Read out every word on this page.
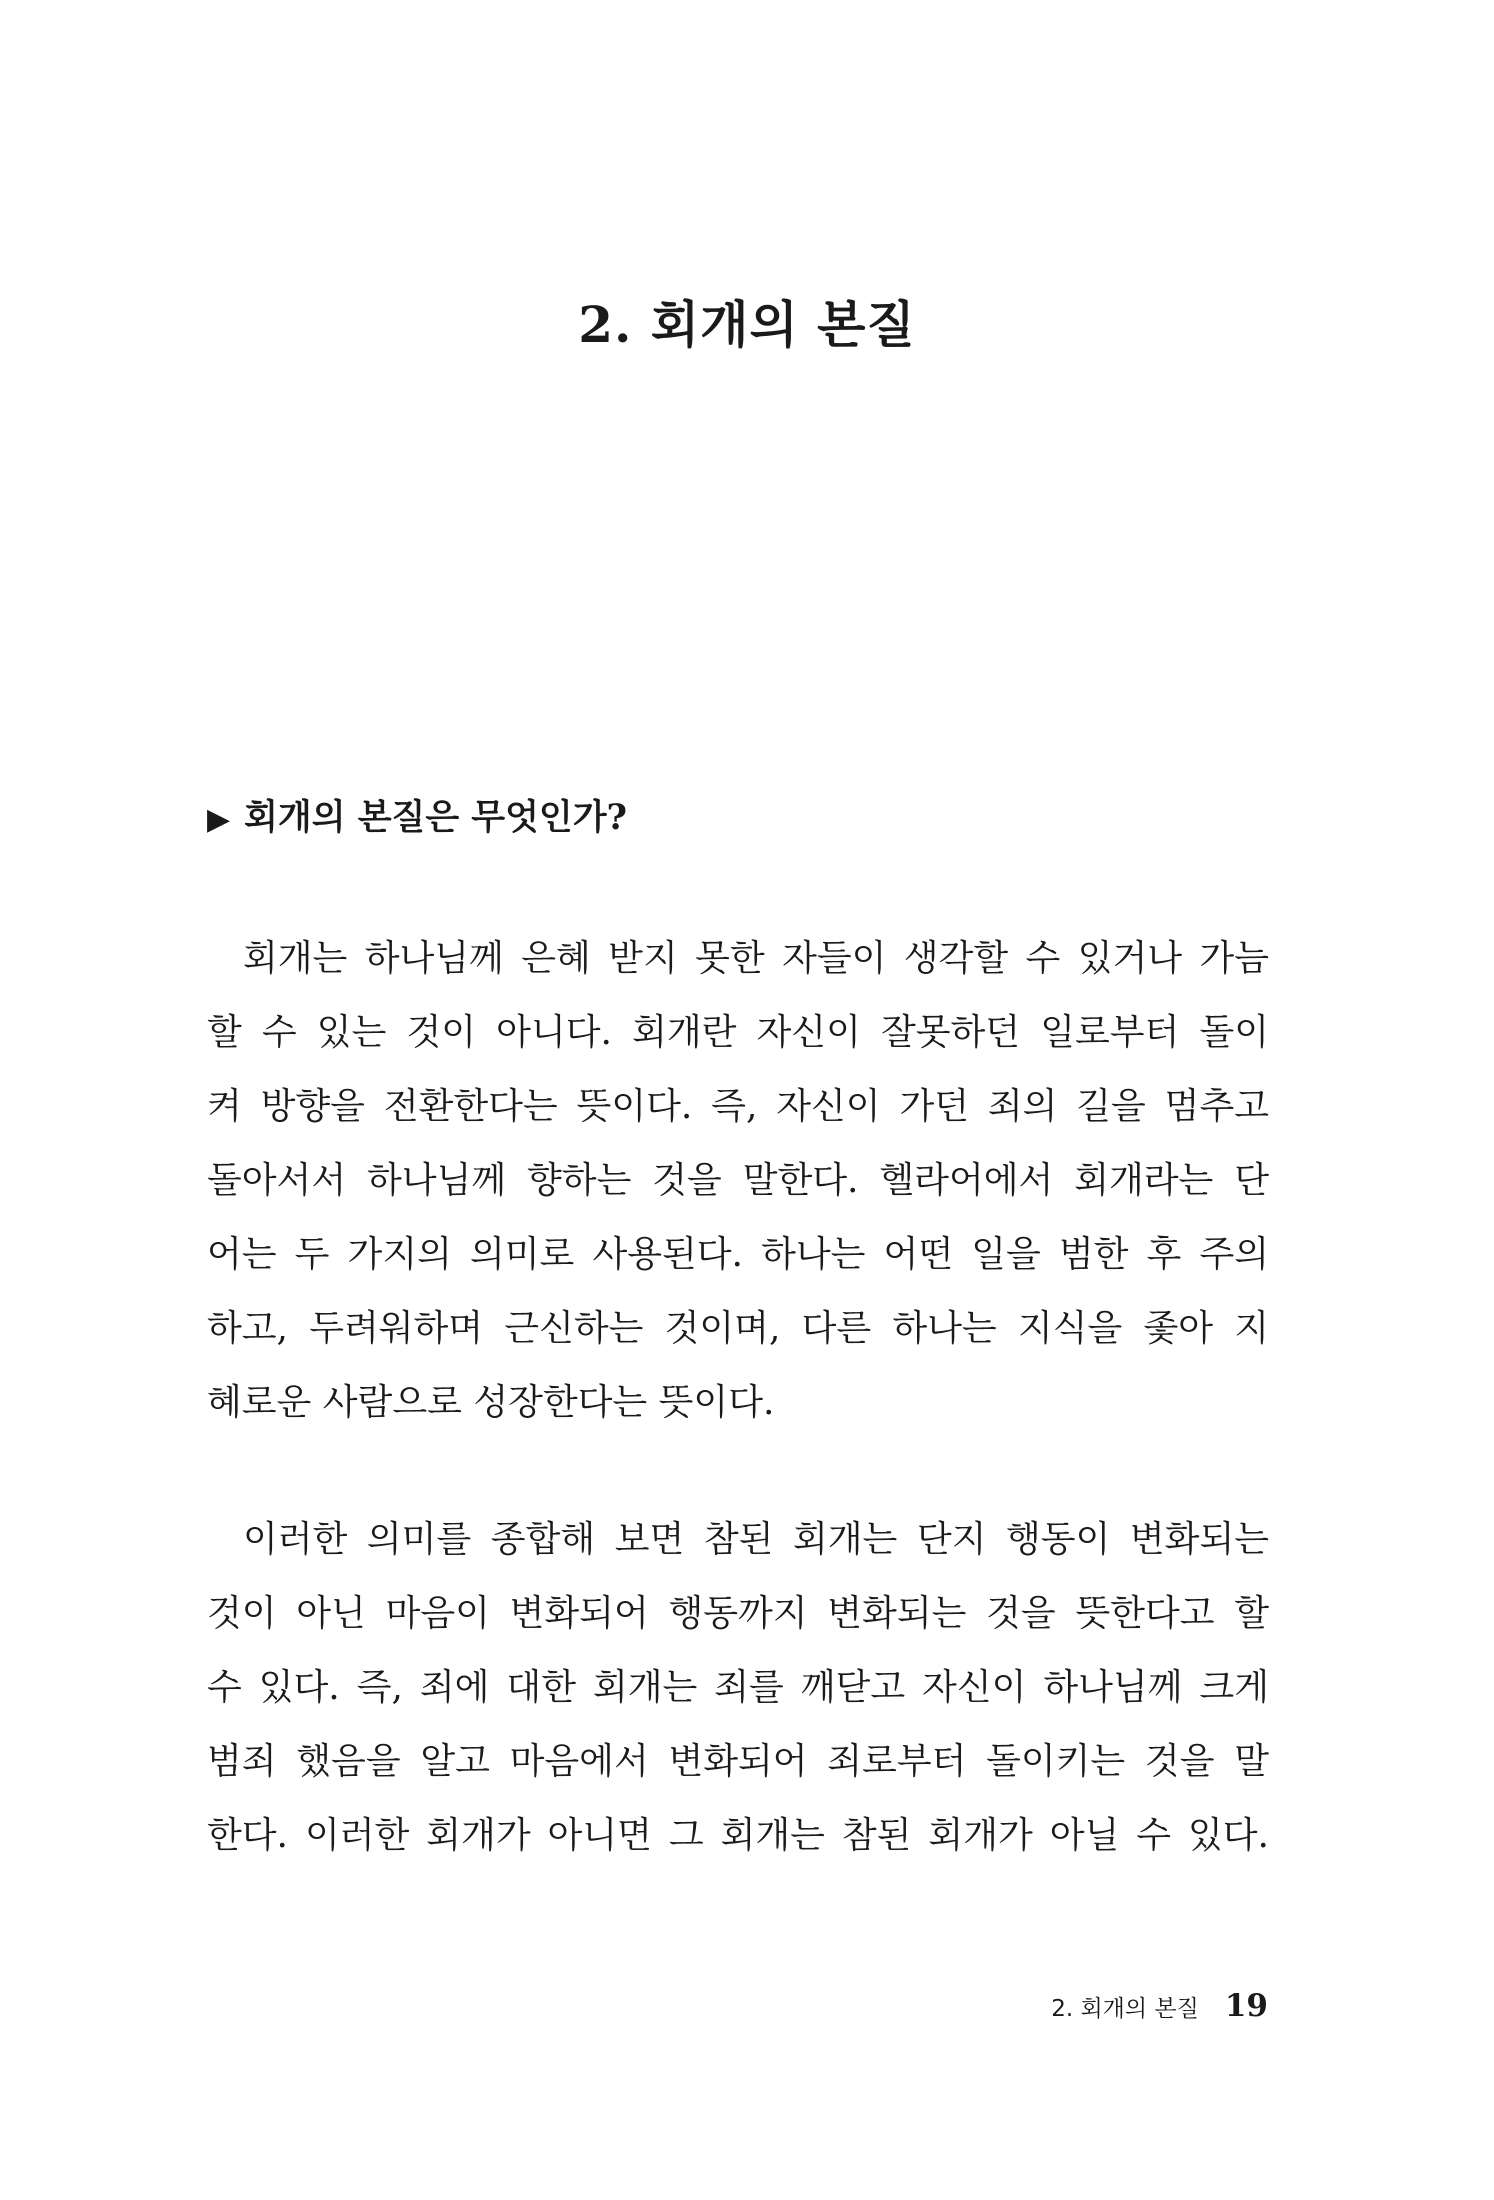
2. 회개의 본질
▶ 회개의 본질은 무엇인가?

회개는 하나님께 은혜 받지 못한 자들이 생각할 수 있거나 가늠
할 수 있는 것이 아니다. 회개란 자신이 잘못하던 일로부터 돌이
켜 방향을 전환한다는 뜻이다. 즉, 자신이 가던 죄의 길을 멈추고
돌아서서 하나님께 향하는 것을 말한다. 헬라어에서 회개라는 단
어는 두 가지의 의미로 사용된다. 하나는 어떤 일을 범한 후 주의
하고, 두려워하며 근신하는 것이며, 다른 하나는 지식을 좇아 지
혜로운 사람으로 성장한다는 뜻이다.

이러한 의미를 종합해 보면 참된 회개는 단지 행동이 변화되는
것이 아닌 마음이 변화되어 행동까지 변화되는 것을 뜻한다고 할
수 있다. 즉, 죄에 대한 회개는 죄를 깨닫고 자신이 하나님께 크게
범죄 했음을 알고 마음에서 변화되어 죄로부터 돌이키는 것을 말
한다. 이러한 회개가 아니면 그 회개는 참된 회개가 아닐 수 있다.

2. 회개의 본질 19
